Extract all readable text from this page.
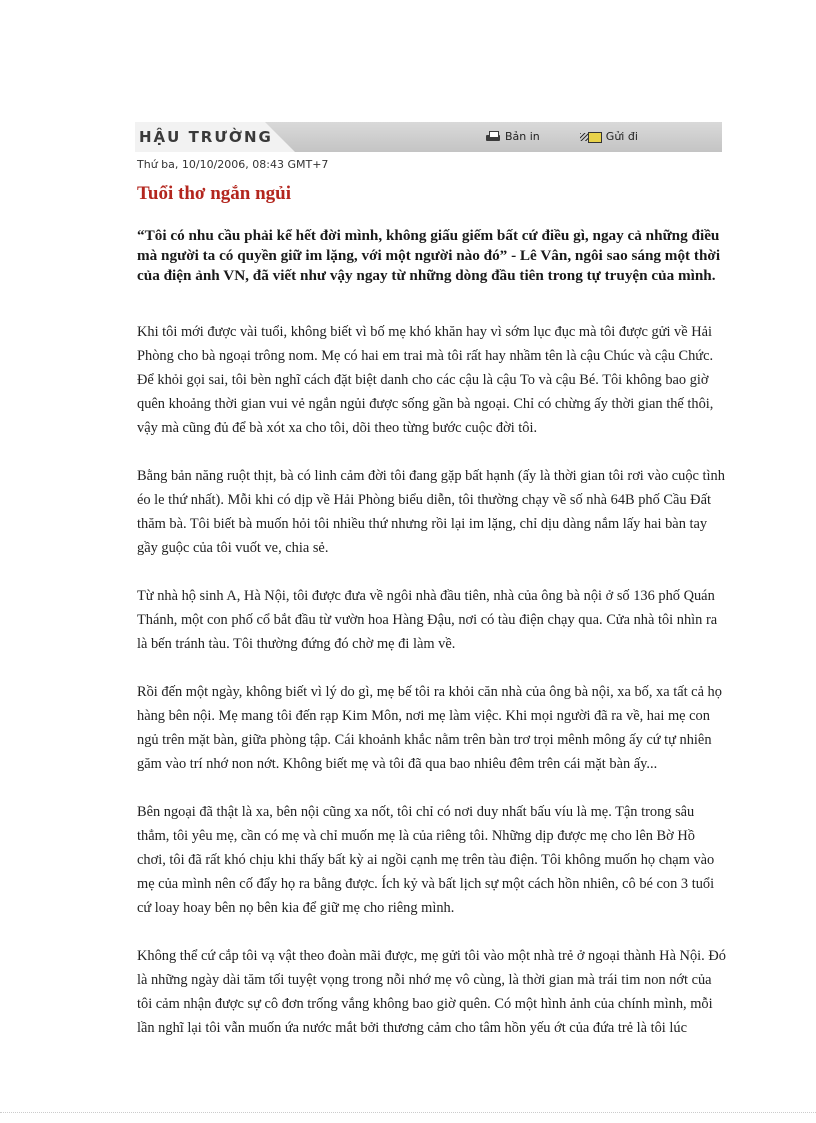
HẬU TRƯỜNG	Bản in	Gửi đi
Thứ ba, 10/10/2006, 08:43 GMT+7
Tuổi thơ ngắn ngủi

“Tôi có nhu cầu phải kể hết đời mình, không giấu giếm bất cứ điều gì, ngay cả những điều mà người ta có quyền giữ im lặng, với một người nào đó” - Lê Vân, ngôi sao sáng một thời của điện ảnh VN, đã viết như vậy ngay từ những dòng đầu tiên trong tự truyện của mình.

Khi tôi mới được vài tuổi, không biết vì bố mẹ khó khăn hay vì sớm lục đục mà tôi được gửi về Hải Phòng cho bà ngoại trông nom. Mẹ có hai em trai mà tôi rất hay nhầm tên là cậu Chúc và cậu Chức. Để khỏi gọi sai, tôi bèn nghĩ cách đặt biệt danh cho các cậu là cậu To và cậu Bé. Tôi không bao giờ quên khoảng thời gian vui vẻ ngắn ngủi được sống gần bà ngoại. Chỉ có chừng ấy thời gian thế thôi, vậy mà cũng đủ để bà xót xa cho tôi, dõi theo từng bước cuộc đời tôi.

Bằng bản năng ruột thịt, bà có linh cảm đời tôi đang gặp bất hạnh (ấy là thời gian tôi rơi vào cuộc tình éo le thứ nhất). Mỗi khi có dịp về Hải Phòng biểu diễn, tôi thường chạy về số nhà 64B phố Cầu Đất thăm bà. Tôi biết bà muốn hỏi tôi nhiều thứ nhưng rồi lại im lặng, chỉ dịu dàng nắm lấy hai bàn tay gầy guộc của tôi vuốt ve, chia sẻ.

Từ nhà hộ sinh A, Hà Nội, tôi được đưa về ngôi nhà đầu tiên, nhà của ông bà nội ở số 136 phố Quán Thánh, một con phố cổ bắt đầu từ vườn hoa Hàng Đậu, nơi có tàu điện chạy qua. Cửa nhà tôi nhìn ra là bến tránh tàu. Tôi thường đứng đó chờ mẹ đi làm về.

Rồi đến một ngày, không biết vì lý do gì, mẹ bế tôi ra khỏi căn nhà của ông bà nội, xa bố, xa tất cả họ hàng bên nội. Mẹ mang tôi đến rạp Kim Môn, nơi mẹ làm việc. Khi mọi người đã ra về, hai mẹ con ngủ trên mặt bàn, giữa phòng tập. Cái khoảnh khắc nằm trên bàn trơ trọi mênh mông ấy cứ tự nhiên găm vào trí nhớ non nớt. Không biết mẹ và tôi đã qua bao nhiêu đêm trên cái mặt bàn ấy...

Bên ngoại đã thật là xa, bên nội cũng xa nốt, tôi chỉ có nơi duy nhất bấu víu là mẹ. Tận trong sâu thẳm, tôi yêu mẹ, cần có mẹ và chỉ muốn mẹ là của riêng tôi. Những dịp được mẹ cho lên Bờ Hồ chơi, tôi đã rất khó chịu khi thấy bất kỳ ai ngồi cạnh mẹ trên tàu điện. Tôi không muốn họ chạm vào mẹ của mình nên cố đẩy họ ra bằng được. Ích kỷ và bất lịch sự một cách hồn nhiên, cô bé con 3 tuổi cứ loay hoay bên nọ bên kia để giữ mẹ cho riêng mình.

Không thể cứ cắp tôi vạ vật theo đoàn mãi được, mẹ gửi tôi vào một nhà trẻ ở ngoại thành Hà Nội. Đó là những ngày dài tăm tối tuyệt vọng trong nỗi nhớ mẹ vô cùng, là thời gian mà trái tim non nớt của tôi cảm nhận được sự cô đơn trống vắng không bao giờ quên. Có một hình ảnh của chính mình, mỗi lần nghĩ lại tôi vẫn muốn ứa nước mắt bởi thương cảm cho tâm hồn yếu ớt của đứa trẻ là tôi lúc
